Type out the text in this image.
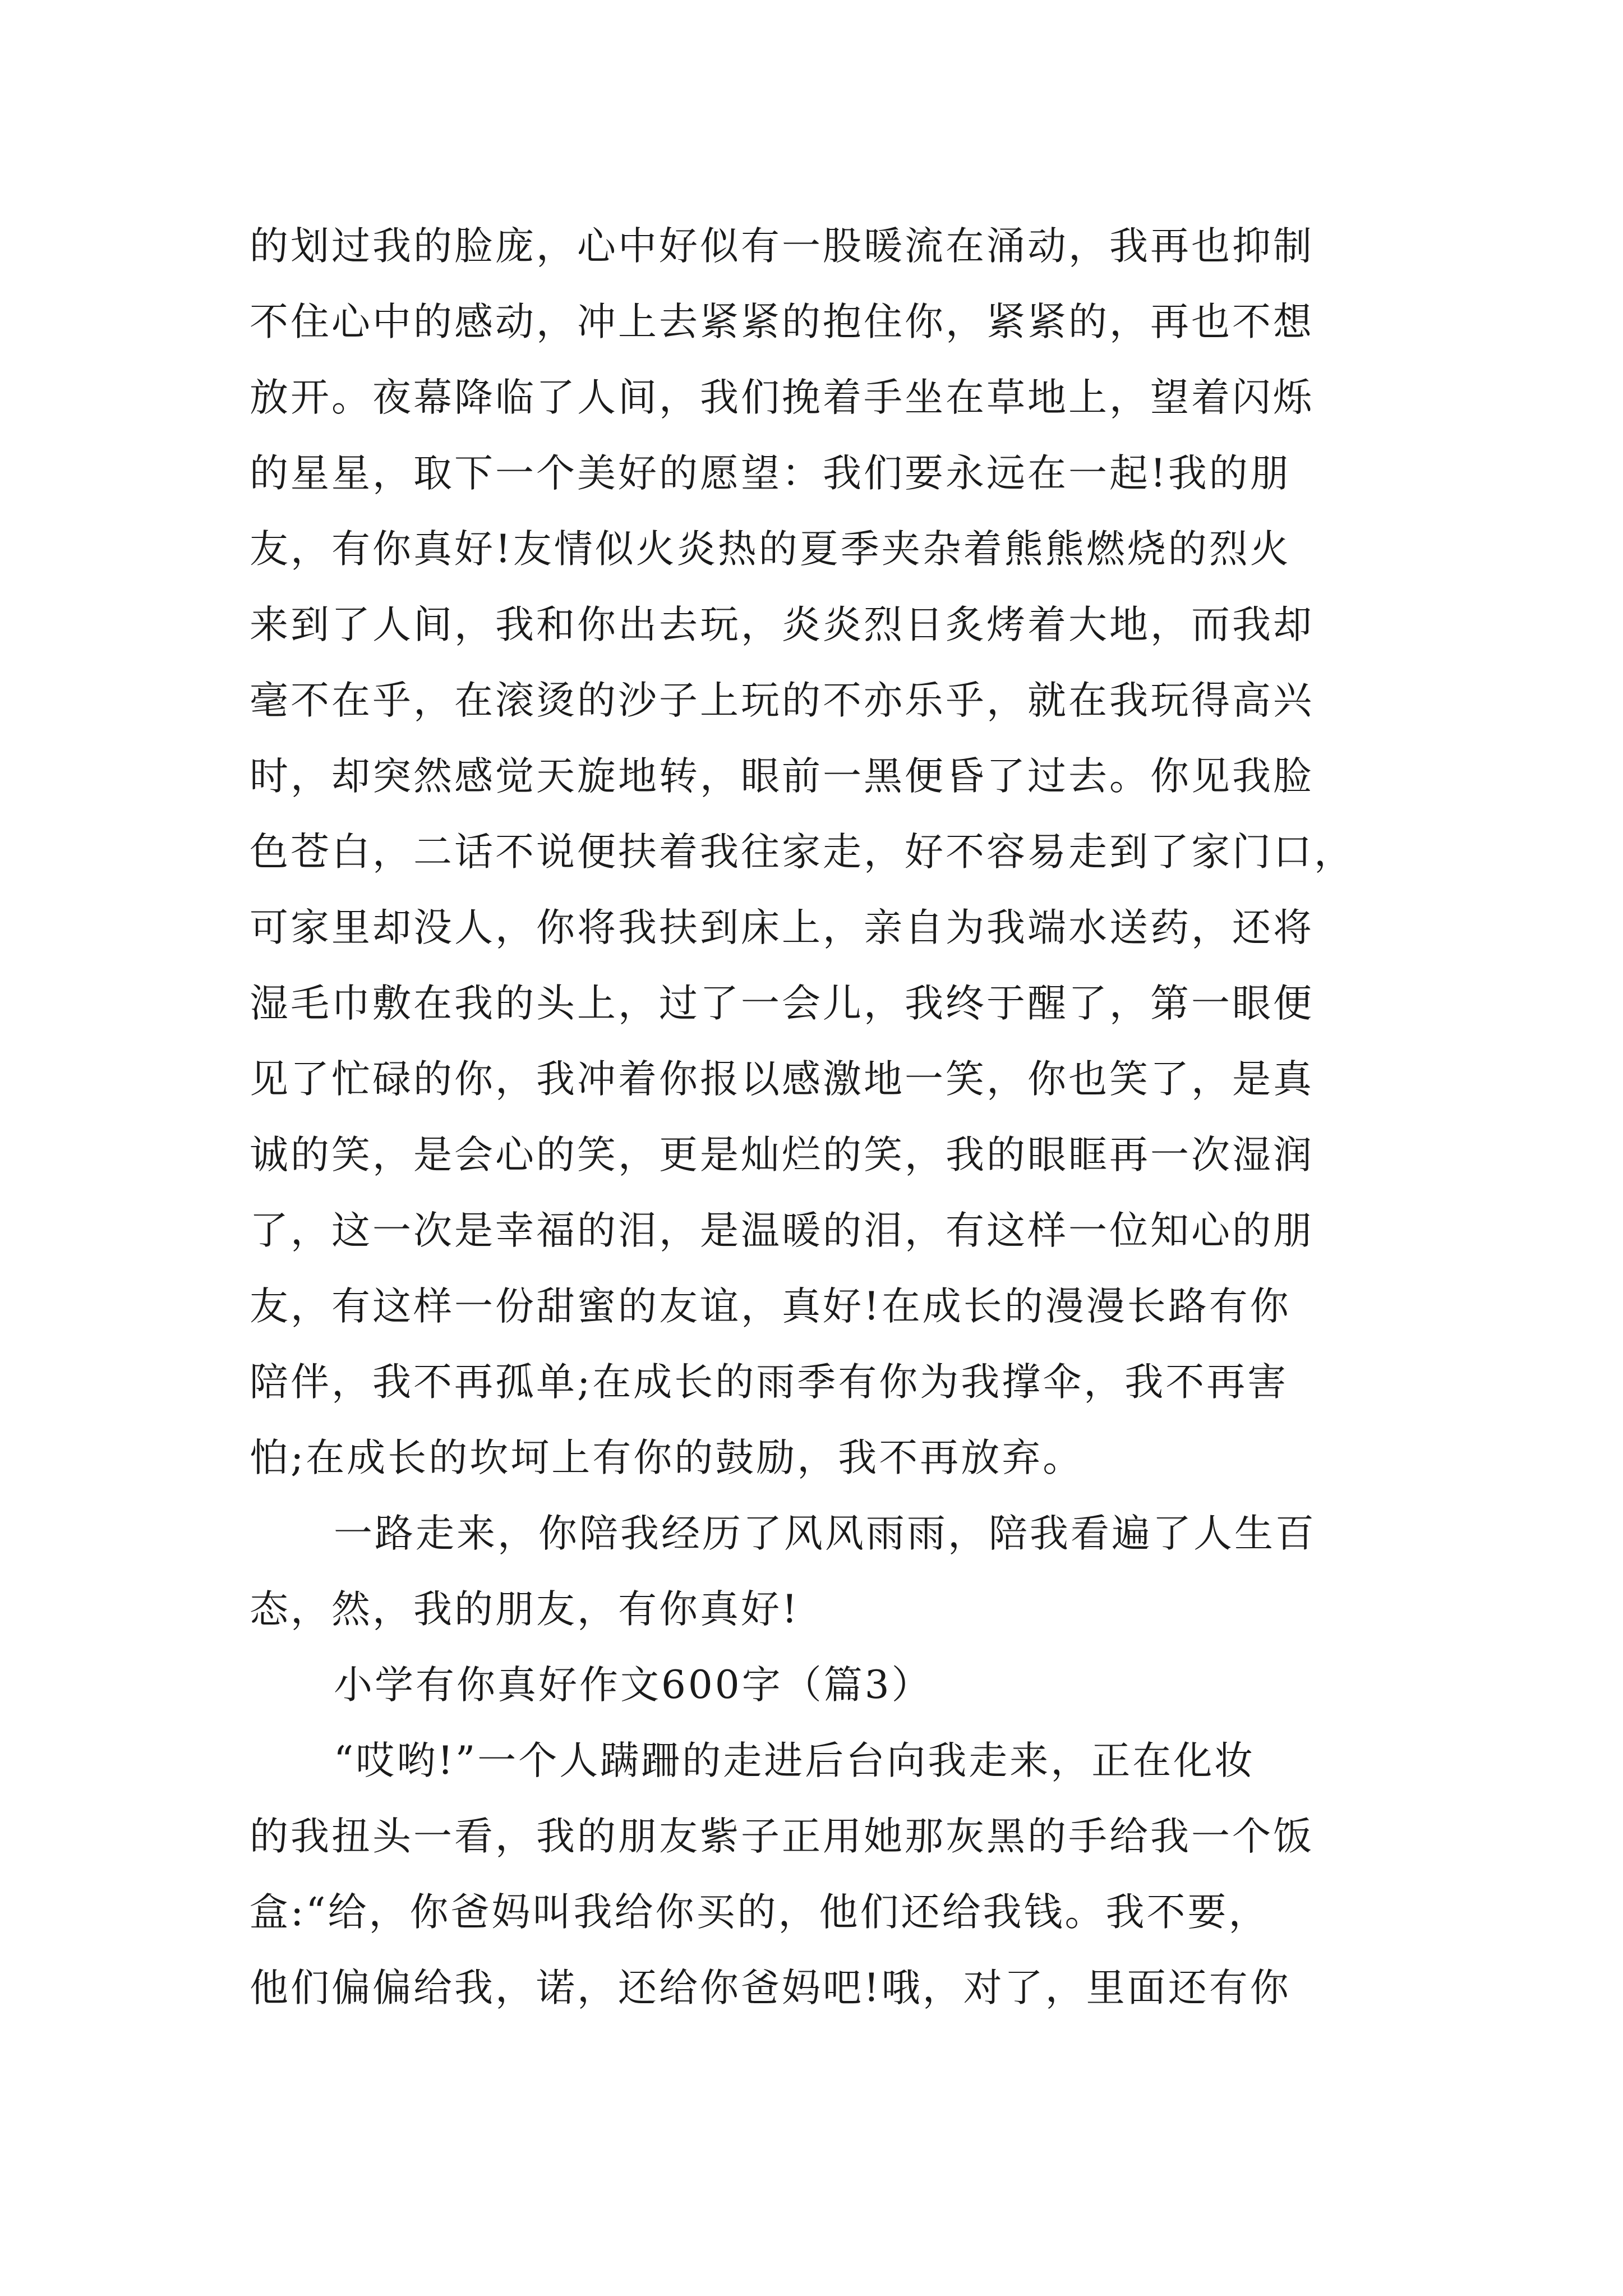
的划过我的脸庞，心中好似有一股暖流在涌动，我再也抑制
不住心中的感动，冲上去紧紧的抱住你，紧紧的，再也不想
放开。夜幕降临了人间，我们挽着手坐在草地上，望着闪烁
的星星，取下一个美好的愿望：我们要永远在一起!我的朋
友，有你真好!友情似火炎热的夏季夹杂着熊熊燃烧的烈火
来到了人间，我和你出去玩，炎炎烈日炙烤着大地，而我却
毫不在乎，在滚烫的沙子上玩的不亦乐乎，就在我玩得高兴
时，却突然感觉天旋地转，眼前一黑便昏了过去。你见我脸
色苍白，二话不说便扶着我往家走，好不容易走到了家门口，
可家里却没人，你将我扶到床上，亲自为我端水送药，还将
湿毛巾敷在我的头上，过了一会儿，我终于醒了，第一眼便
见了忙碌的你，我冲着你报以感激地一笑，你也笑了，是真
诚的笑，是会心的笑，更是灿烂的笑，我的眼眶再一次湿润
了，这一次是幸福的泪，是温暖的泪，有这样一位知心的朋
友，有这样一份甜蜜的友谊，真好!在成长的漫漫长路有你
陪伴，我不再孤单;在成长的雨季有你为我撑伞，我不再害
怕;在成长的坎坷上有你的鼓励，我不再放弃。
一路走来，你陪我经历了风风雨雨，陪我看遍了人生百
态，然，我的朋友，有你真好!
小学有你真好作文600字（篇3）
“哎哟!”一个人蹒跚的走进后台向我走来，正在化妆
的我扭头一看，我的朋友紫子正用她那灰黑的手给我一个饭
盒:“给，你爸妈叫我给你买的，他们还给我钱。我不要，
他们偏偏给我，诺，还给你爸妈吧!哦，对了，里面还有你
